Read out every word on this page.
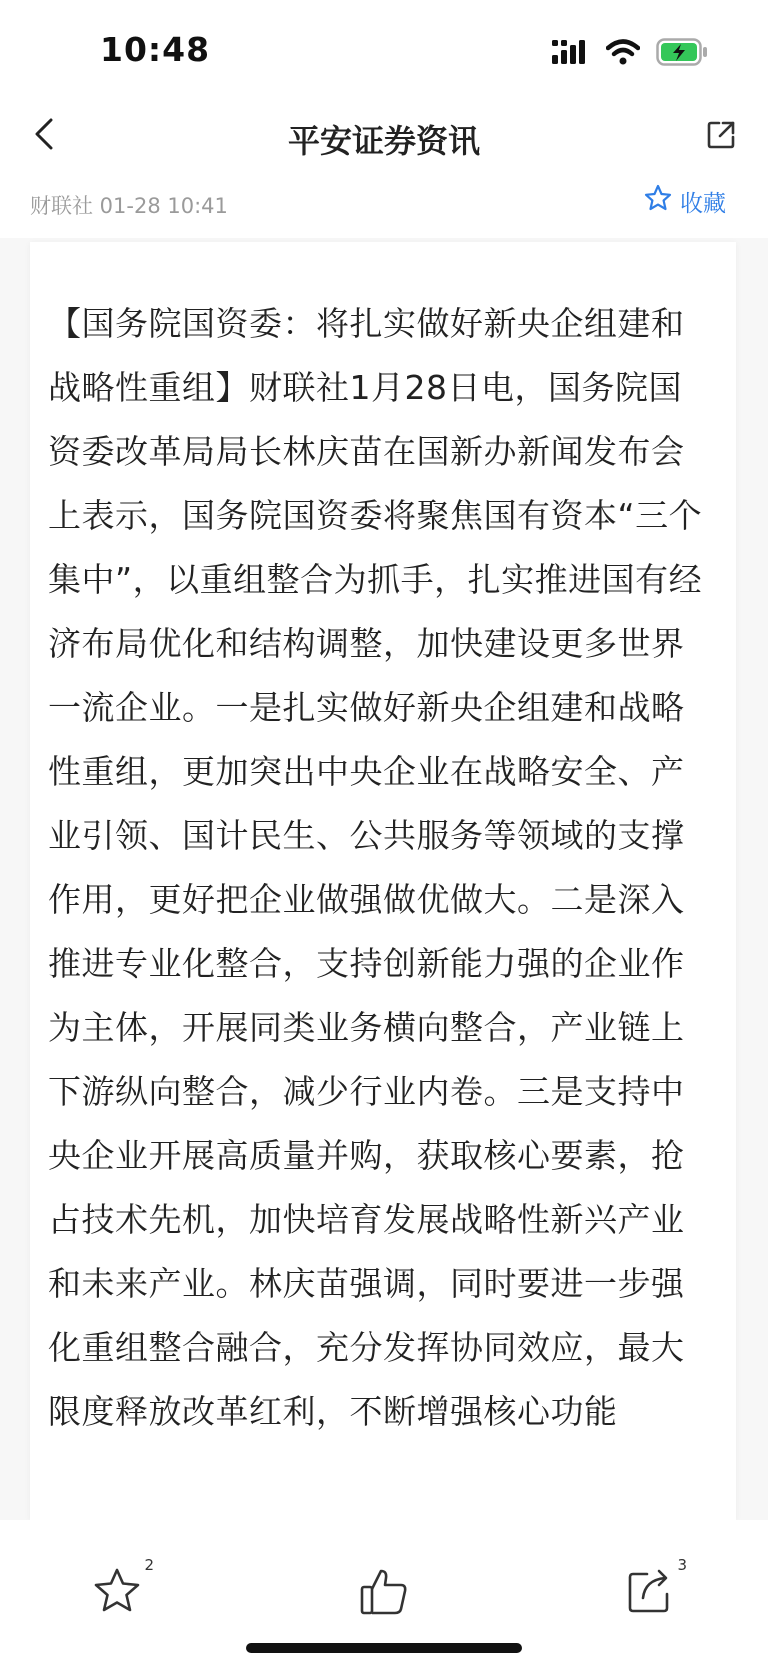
10:48
平安证券资讯
财联社 01-28 10:41	收藏
【国务院国资委：将扎实做好新央企组建和战略性重组】财联社1月28日电，国务院国资委改革局局长林庆苗在国新办新闻发布会上表示，国务院国资委将聚焦国有资本“三个集中”，以重组整合为抓手，扎实推进国有经济布局优化和结构调整，加快建设更多世界一流企业。一是扎实做好新央企组建和战略性重组，更加突出中央企业在战略安全、产业引领、国计民生、公共服务等领域的支撑作用，更好把企业做强做优做大。二是深入推进专业化整合，支持创新能力强的企业作为主体，开展同类业务横向整合，产业链上下游纵向整合，减少行业内卷。三是支持中央企业开展高质量并购，获取核心要素，抢占技术先机，加快培育发展战略性新兴产业和未来产业。林庆苗强调，同时要进一步强化重组整合融合，充分发挥协同效应，最大限度释放改革红利，不断增强核心功能
2	3
